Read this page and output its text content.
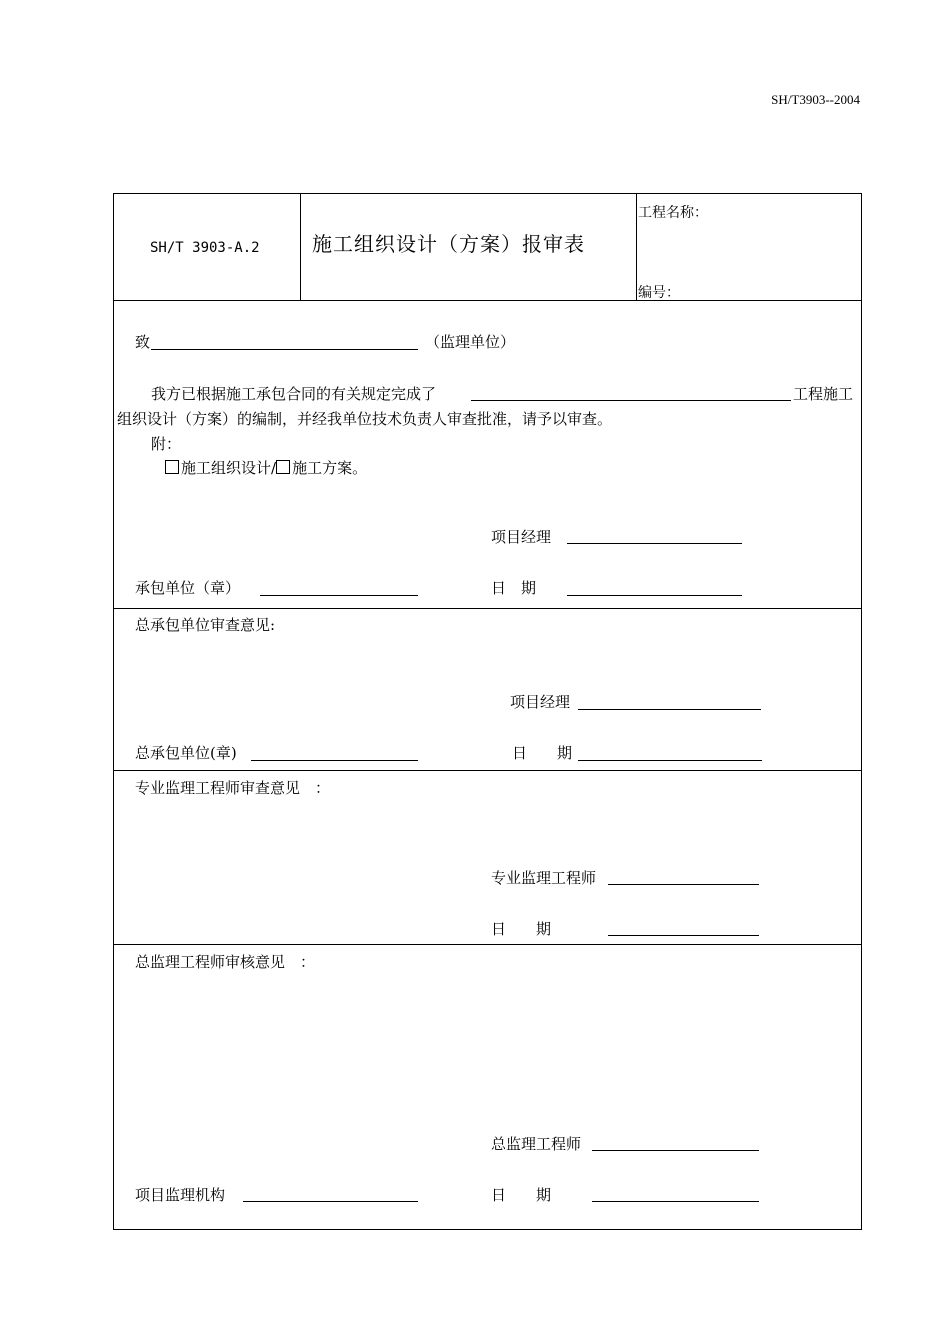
SH/T3903--2004
SH/T 3903-A.2	施工组织设计（方案）报审表
工程名称：
编号：
致	（监理单位）
我方已根据施工承包合同的有关规定完成了	工程施工
组织设计（方案）的编制，并经我单位技术负责人审查批准，请予以审查。
附：
施工组织设计/ 施工方案。
项目经理
承包单位（章）	日　期
总承包单位审查意见:
项目经理
总承包单位(章)	日　　期
专业监理工程师审查意见　：
专业监理工程师
日　　期
总监理工程师审核意见　：
总监理工程师
项目监理机构	日　　期
